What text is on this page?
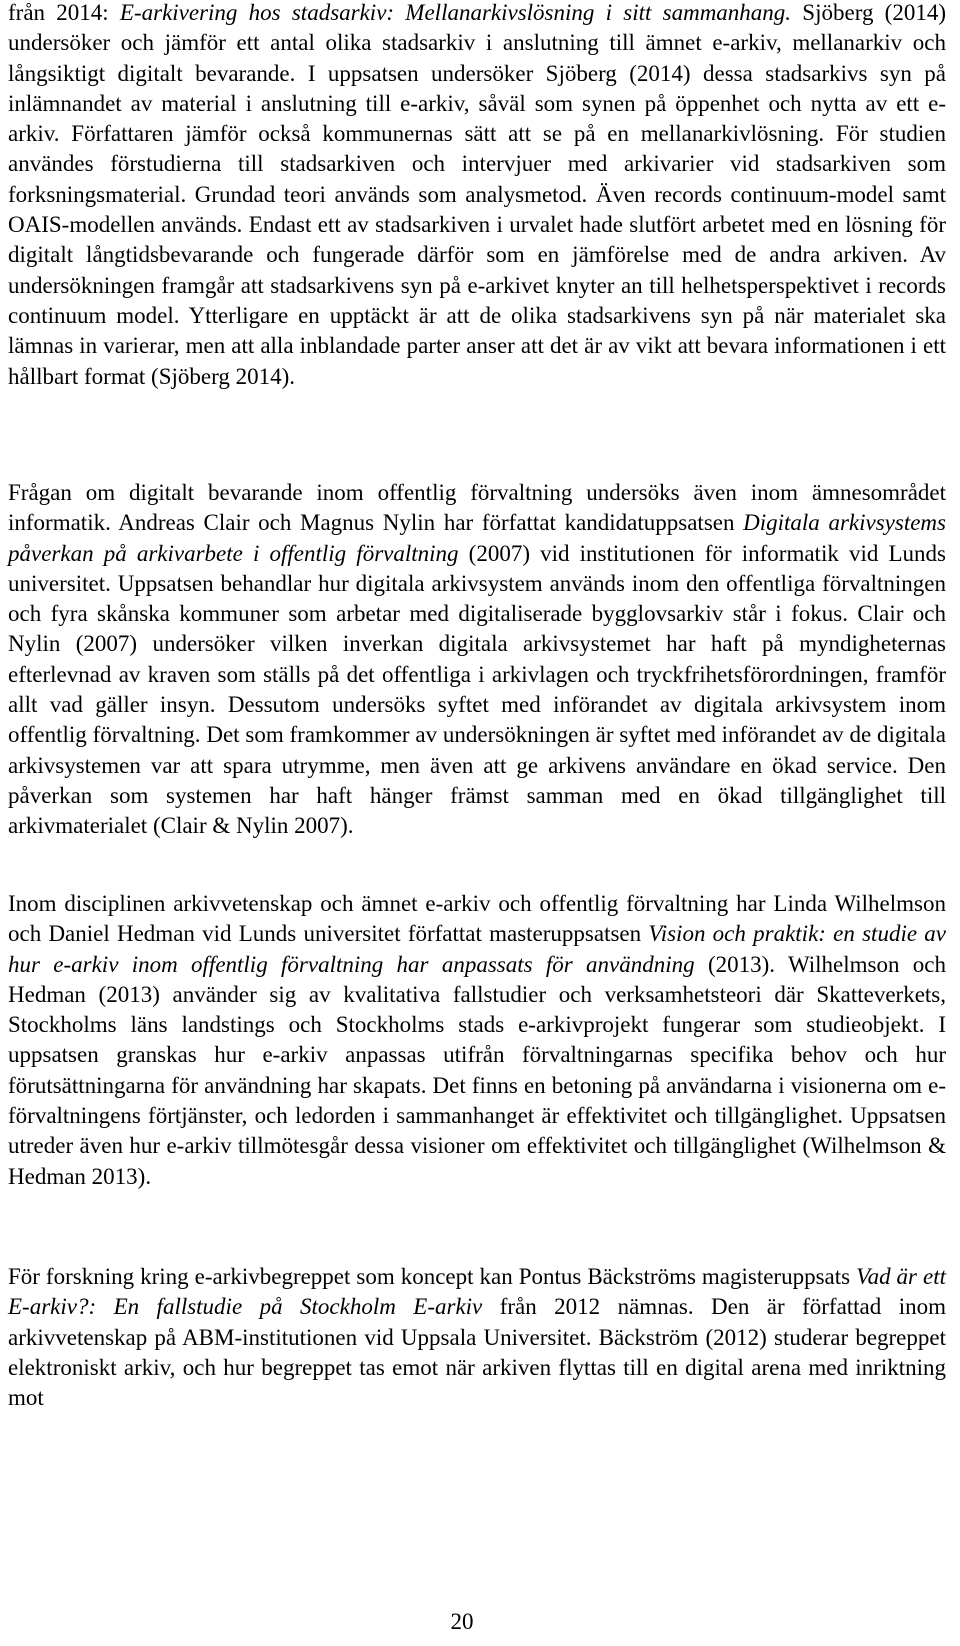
från 2014: E-arkivering hos stadsarkiv: Mellanarkivslösning i sitt sammanhang. Sjöberg (2014) undersöker och jämför ett antal olika stadsarkiv i anslutning till ämnet e-arkiv, mellanarkiv och långsiktigt digitalt bevarande. I uppsatsen undersöker Sjöberg (2014) dessa stadsarkivs syn på inlämnandet av material i anslutning till e-arkiv, såväl som synen på öppenhet och nytta av ett e-arkiv. Författaren jämför också kommunernas sätt att se på en mellanarkivlösning. För studien användes förstudierna till stadsarkiven och intervjuer med arkivarier vid stadsarkiven som forksningsmaterial. Grundad teori används som analysmetod. Även records continuum-model samt OAIS-modellen används. Endast ett av stadsarkiven i urvalet hade slutfört arbetet med en lösning för digitalt långtidsbevarande och fungerade därför som en jämförelse med de andra arkiven. Av undersökningen framgår att stadsarkivens syn på e-arkivet knyter an till helhetsperspektivet i records continuum model. Ytterligare en upptäckt är att de olika stadsarkivens syn på när materialet ska lämnas in varierar, men att alla inblandade parter anser att det är av vikt att bevara informationen i ett hållbart format (Sjöberg 2014).

Frågan om digitalt bevarande inom offentlig förvaltning undersöks även inom ämnesområdet informatik. Andreas Clair och Magnus Nylin har författat kandidatuppsatsen Digitala arkivsystems påverkan på arkivarbete i offentlig förvaltning (2007) vid institutionen för informatik vid Lunds universitet. Uppsatsen behandlar hur digitala arkivsystem används inom den offentliga förvaltningen och fyra skånska kommuner som arbetar med digitaliserade bygglovsarkiv står i fokus. Clair och Nylin (2007) undersöker vilken inverkan digitala arkivsystemet har haft på myndigheternas efterlevnad av kraven som ställs på det offentliga i arkivlagen och tryckfrihetsförordningen, framför allt vad gäller insyn. Dessutom undersöks syftet med införandet av digitala arkivsystem inom offentlig förvaltning. Det som framkommer av undersökningen är syftet med införandet av de digitala arkivsystemen var att spara utrymme, men även att ge arkivens användare en ökad service. Den påverkan som systemen har haft hänger främst samman med en ökad tillgänglighet till arkivmaterialet (Clair & Nylin 2007).

Inom disciplinen arkivvetenskap och ämnet e-arkiv och offentlig förvaltning har Linda Wilhelmson och Daniel Hedman vid Lunds universitet författat masteruppsatsen Vision och praktik: en studie av hur e-arkiv inom offentlig förvaltning har anpassats för användning (2013). Wilhelmson och Hedman (2013) använder sig av kvalitativa fallstudier och verksamhetsteori där Skatteverkets, Stockholms läns landstings och Stockholms stads e-arkivprojekt fungerar som studieobjekt. I uppsatsen granskas hur e-arkiv anpassas utifrån förvaltningarnas specifika behov och hur förutsättningarna för användning har skapats. Det finns en betoning på användarna i visionerna om e-förvaltningens förtjänster, och ledorden i sammanhanget är effektivitet och tillgänglighet. Uppsatsen utreder även hur e-arkiv tillmötesgår dessa visioner om effektivitet och tillgänglighet (Wilhelmson & Hedman 2013).

För forskning kring e-arkivbegreppet som koncept kan Pontus Bäckströms magisteruppsats Vad är ett E-arkiv?: En fallstudie på Stockholm E-arkiv från 2012 nämnas. Den är författad inom arkivvetenskap på ABM-institutionen vid Uppsala Universitet. Bäckström (2012) studerar begreppet elektroniskt arkiv, och hur begreppet tas emot när arkiven flyttas till en digital arena med inriktning mot

20
